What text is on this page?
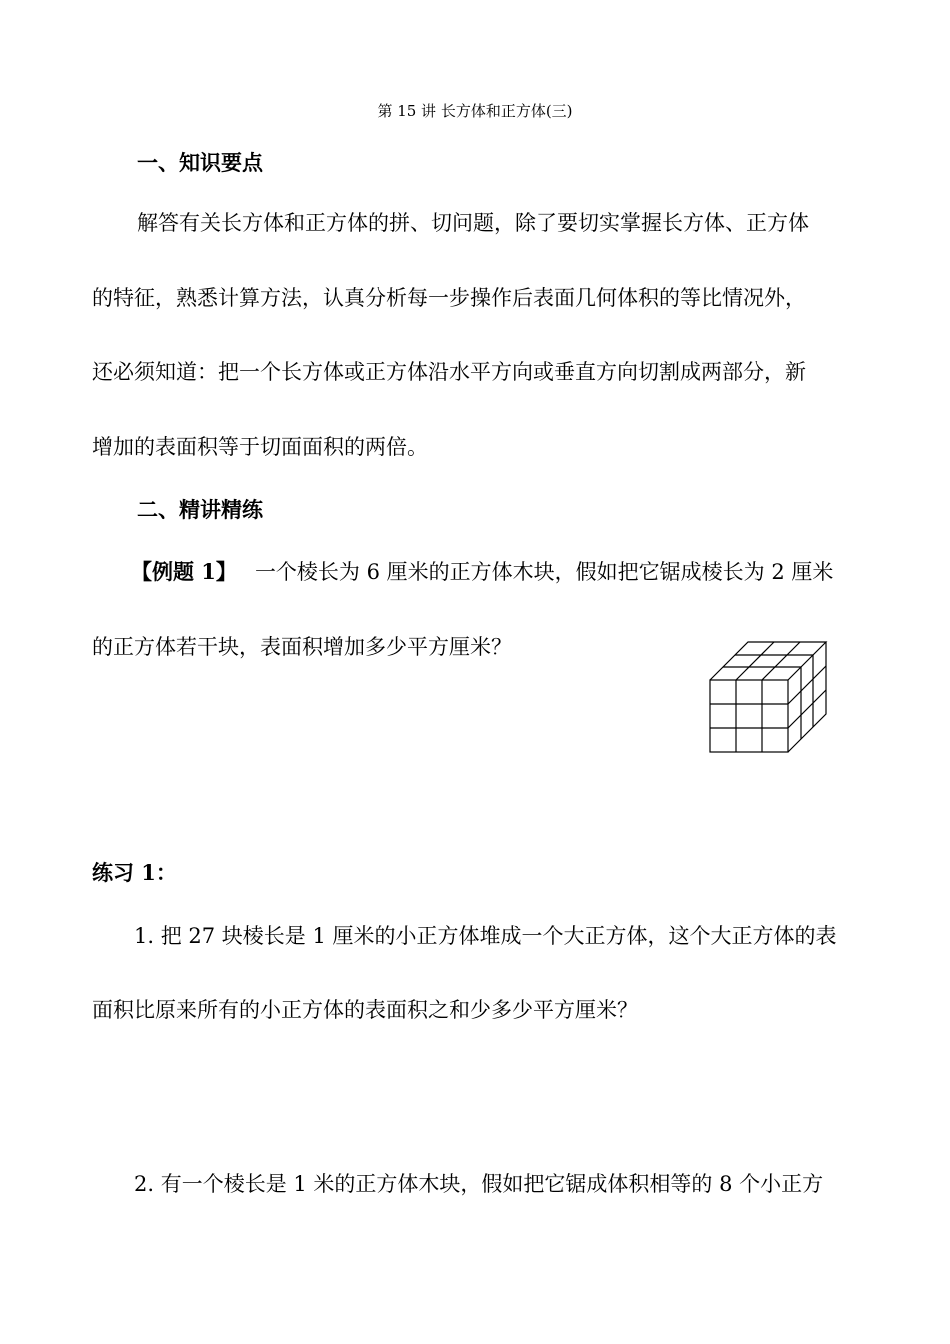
第 15 讲 长方体和正方体(三)
一、知识要点
解答有关长方体和正方体的拼、切问题，除了要切实掌握长方体、正方体
的特征，熟悉计算方法，认真分析每一步操作后表面几何体积的等比情况外，
还必须知道：把一个长方体或正方体沿水平方向或垂直方向切割成两部分，新
增加的表面积等于切面面积的两倍。
二、精讲精练
【例题 1】 一个棱长为 6 厘米的正方体木块，假如把它锯成棱长为 2 厘米
的正方体若干块，表面积增加多少平方厘米？
练习 1：
1. 把 27 块棱长是 1 厘米的小正方体堆成一个大正方体，这个大正方体的表
面积比原来所有的小正方体的表面积之和少多少平方厘米？
2. 有一个棱长是 1 米的正方体木块，假如把它锯成体积相等的 8 个小正方
